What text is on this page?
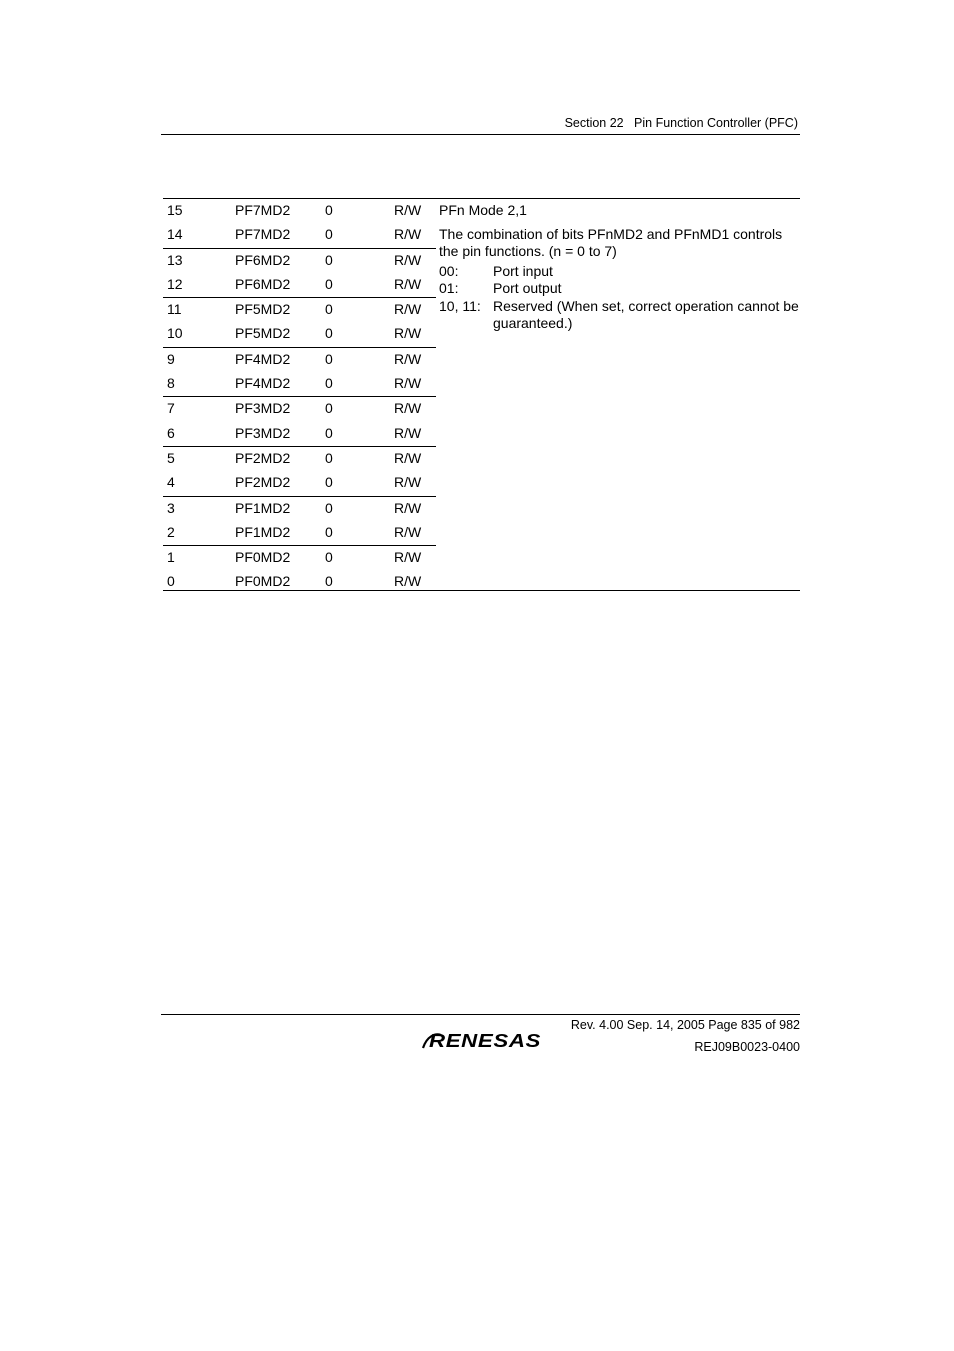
Section 22   Pin Function Controller (PFC)
15	PF7MD2 0	R/W
14	PF7MD2 0	R/W
13	PF6MD2 0	R/W
12	PF6MD2 0	R/W
11	PF5MD2 0	R/W
10	PF5MD2 0	R/W
9	PF4MD2 0	R/W
8	PF4MD2 0	R/W
7	PF3MD2 0	R/W
6	PF3MD2 0	R/W
5	PF2MD2 0	R/W
4	PF2MD2 0	R/W
3	PF1MD2 0	R/W
2	PF1MD2 0	R/W
1	PF0MD2 0	R/W
0	PF0MD2 0	R/W
PFn Mode 2,1
The combination of bits PFnMD2 and PFnMD1 controls the pin functions. (n = 0 to 7)
00:	Port input
01:	Port output
10, 11: Reserved (When set, correct operation cannot be guaranteed.)
Rev. 4.00 Sep. 14, 2005 Page 835 of 982
RENESAS	REJ09B0023-0400
